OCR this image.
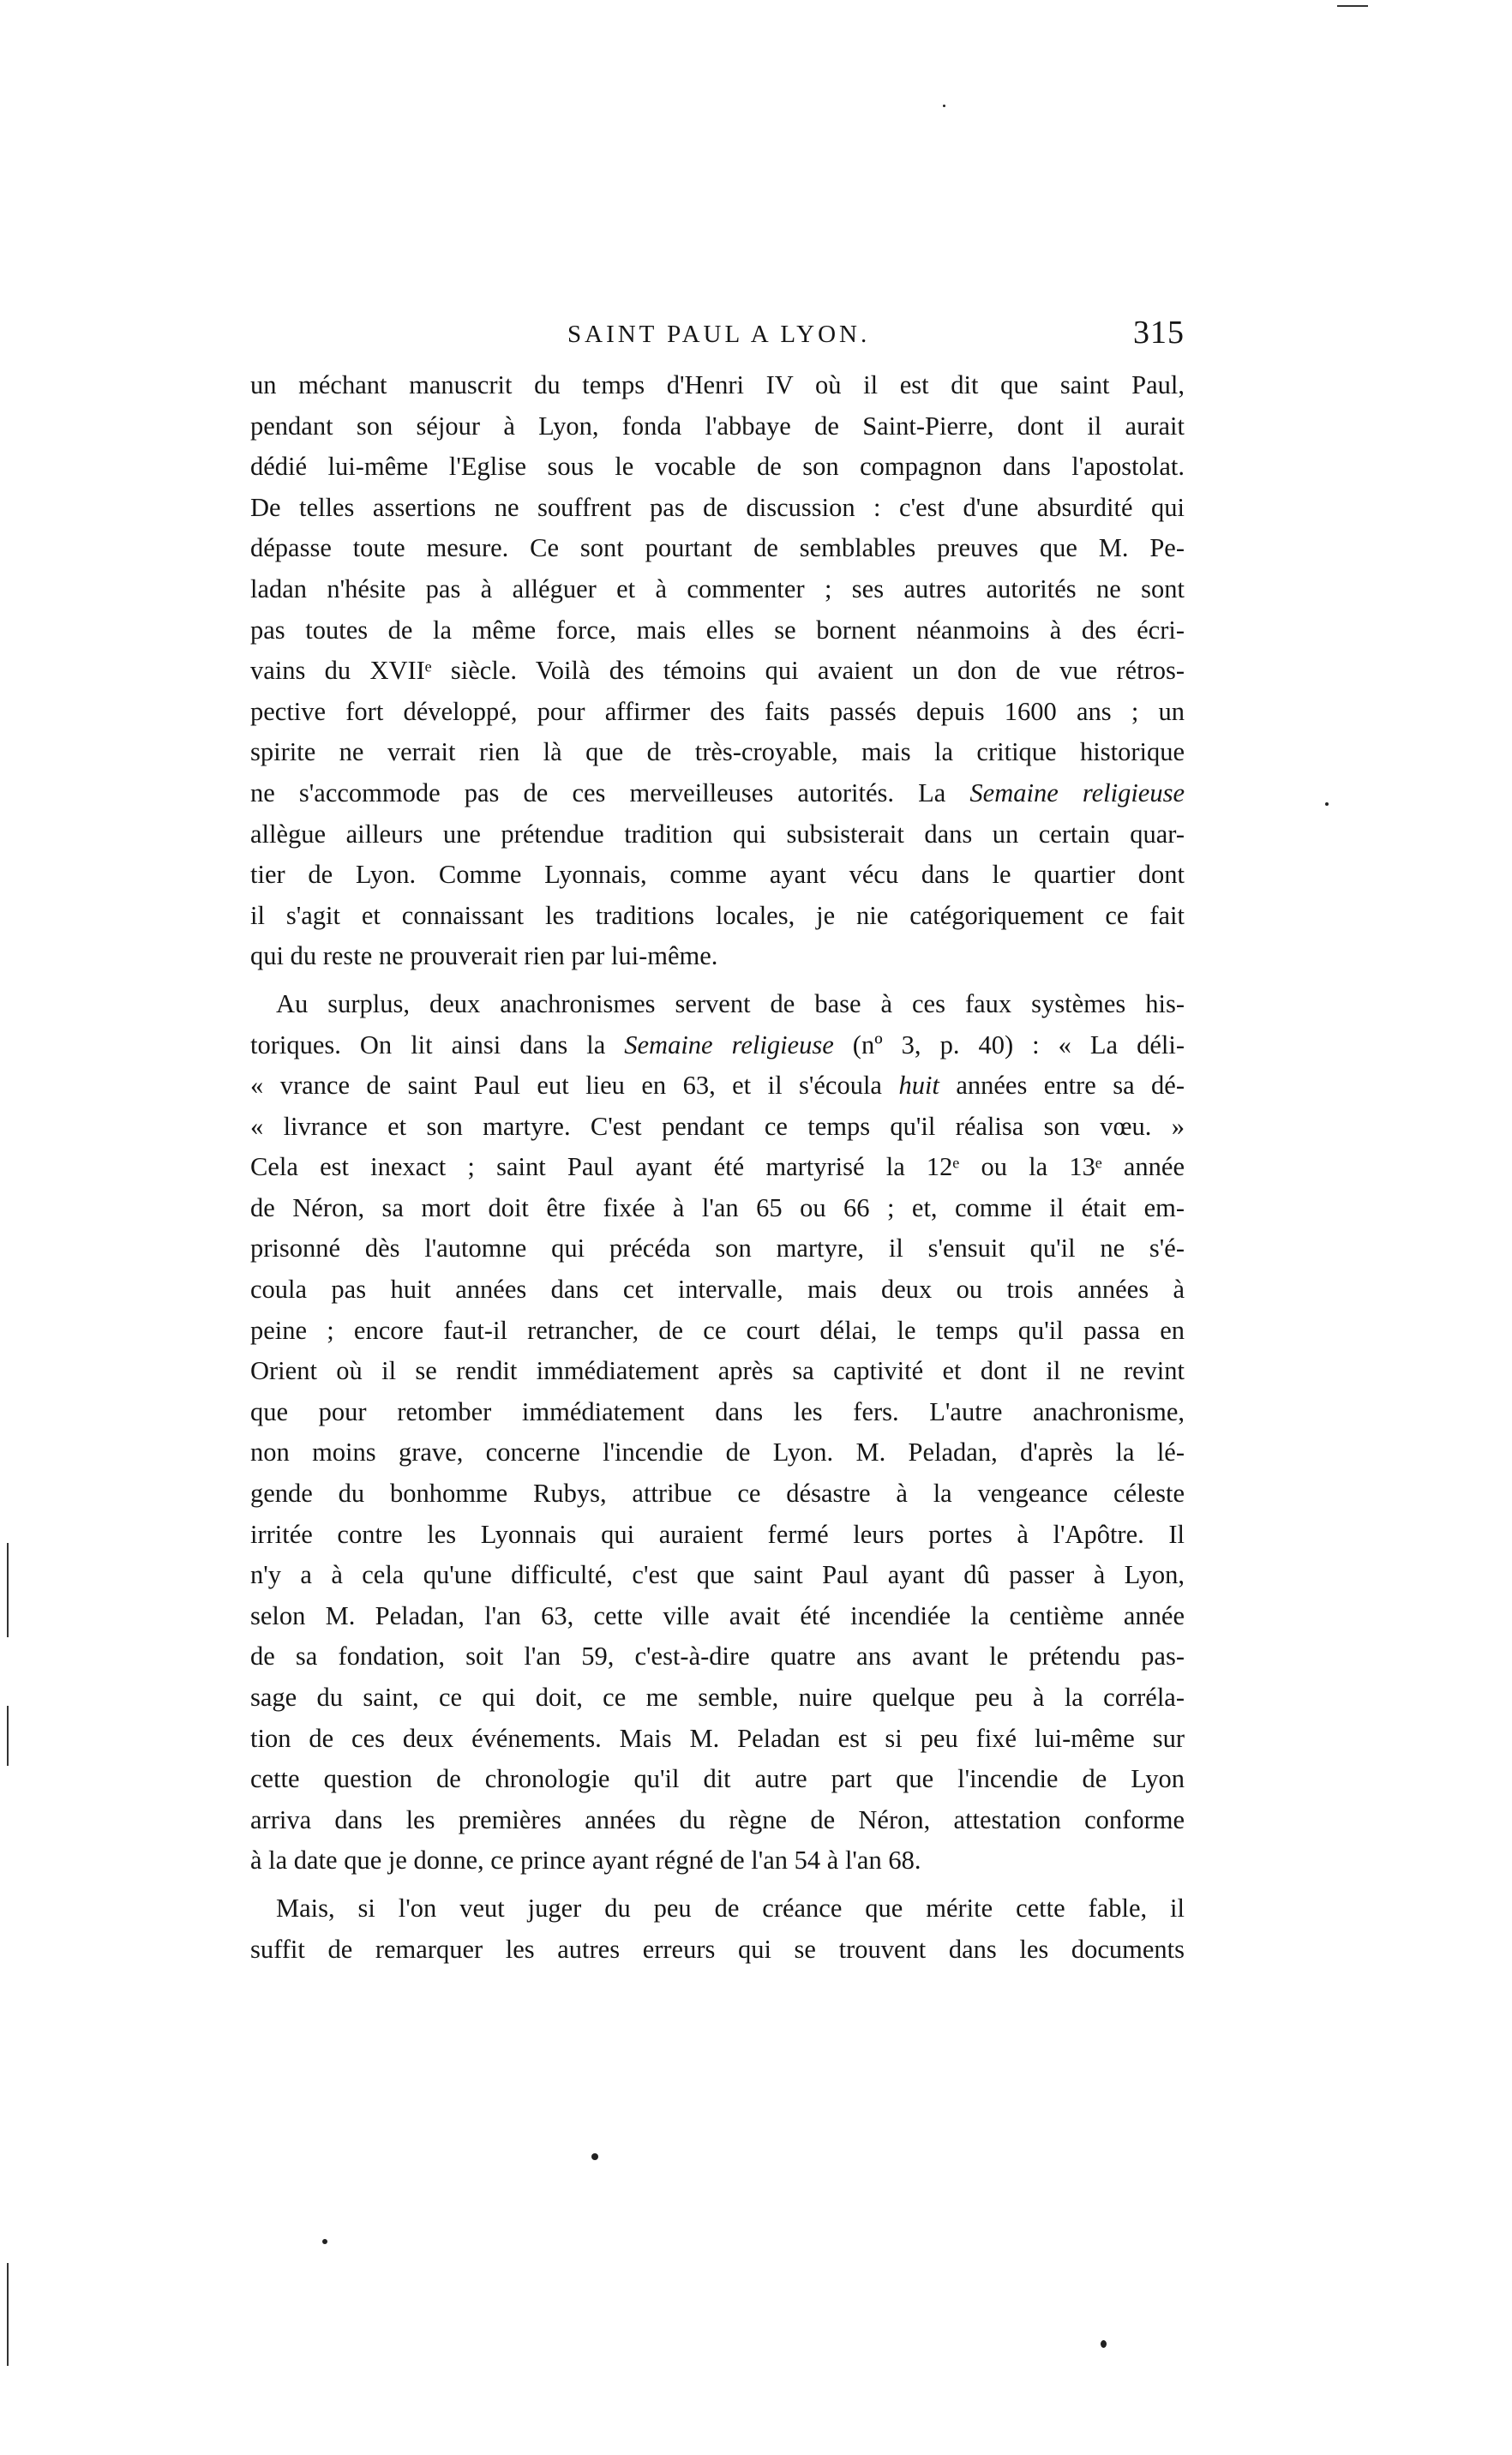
SAINT PAUL A LYON.	315
un méchant manuscrit du temps d'Henri IV où il est dit que saint Paul,
pendant son séjour à Lyon, fonda l'abbaye de Saint-Pierre, dont il aurait
dédié lui-même l'Eglise sous le vocable de son compagnon dans l'apostolat.
De telles assertions ne souffrent pas de discussion : c'est d'une absurdité qui
dépasse toute mesure. Ce sont pourtant de semblables preuves que M. Pe-
ladan n'hésite pas à alléguer et à commenter ; ses autres autorités ne sont
pas toutes de la même force, mais elles se bornent néanmoins à des écri-
vains du XVIIᵉ siècle. Voilà des témoins qui avaient un don de vue rétros-
pective fort développé, pour affirmer des faits passés depuis 1600 ans ; un
spirite ne verrait rien là que de très-croyable, mais la critique historique
ne s'accommode pas de ces merveilleuses autorités. La Semaine religieuse
allègue ailleurs une prétendue tradition qui subsisterait dans un certain quar-
tier de Lyon. Comme Lyonnais, comme ayant vécu dans le quartier dont
il s'agit et connaissant les traditions locales, je nie catégoriquement ce fait
qui du reste ne prouverait rien par lui-même.
Au surplus, deux anachronismes servent de base à ces faux systèmes his-
toriques. On lit ainsi dans la Semaine religieuse (nº 3, p. 40) : « La déli-
« vrance de saint Paul eut lieu en 63, et il s'écoula huit années entre sa dé-
« livrance et son martyre. C'est pendant ce temps qu'il réalisa son vœu. »
Cela est inexact ; saint Paul ayant été martyrisé la 12ᵉ ou la 13ᵉ année
de Néron, sa mort doit être fixée à l'an 65 ou 66 ; et, comme il était em-
prisonné dès l'automne qui précéda son martyre, il s'ensuit qu'il ne s'é-
coula pas huit années dans cet intervalle, mais deux ou trois années à
peine ; encore faut-il retrancher, de ce court délai, le temps qu'il passa en
Orient où il se rendit immédiatement après sa captivité et dont il ne revint
que pour retomber immédiatement dans les fers. L'autre anachronisme,
non moins grave, concerne l'incendie de Lyon. M. Peladan, d'après la lé-
gende du bonhomme Rubys, attribue ce désastre à la vengeance céleste
irritée contre les Lyonnais qui auraient fermé leurs portes à l'Apôtre. Il
n'y a à cela qu'une difficulté, c'est que saint Paul ayant dû passer à Lyon,
selon M. Peladan, l'an 63, cette ville avait été incendiée la centième année
de sa fondation, soit l'an 59, c'est-à-dire quatre ans avant le prétendu pas-
sage du saint, ce qui doit, ce me semble, nuire quelque peu à la corréla-
tion de ces deux événements. Mais M. Peladan est si peu fixé lui-même sur
cette question de chronologie qu'il dit autre part que l'incendie de Lyon
arriva dans les premières années du règne de Néron, attestation conforme
à la date que je donne, ce prince ayant régné de l'an 54 à l'an 68.
Mais, si l'on veut juger du peu de créance que mérite cette fable, il
suffit de remarquer les autres erreurs qui se trouvent dans les documents
